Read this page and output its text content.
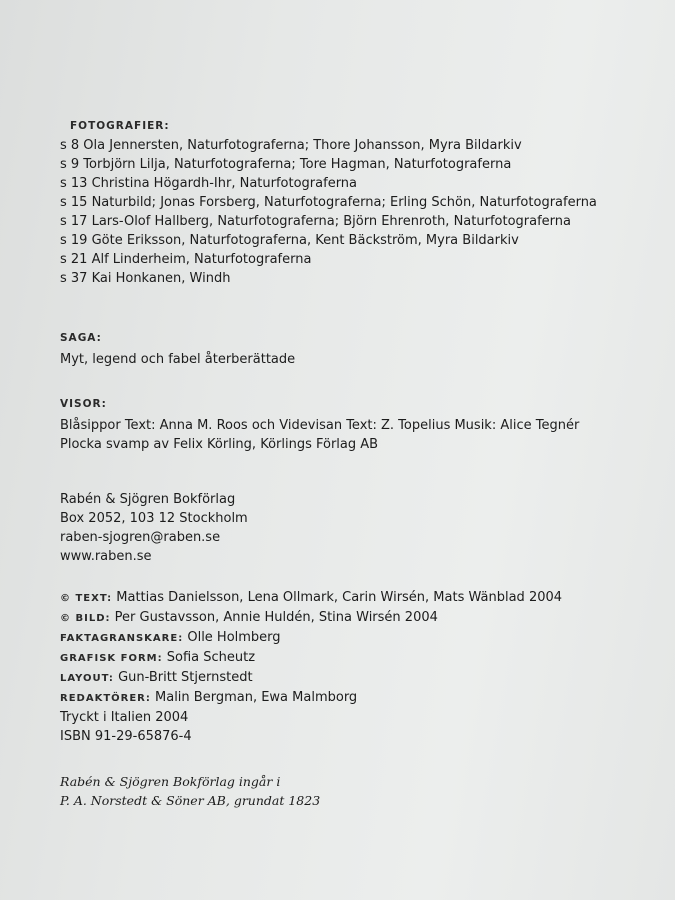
FOTOGRAFIER:
s 8 Ola Jennersten, Naturfotograferna; Thore Johansson, Myra Bildarkiv
s 9 Torbjörn Lilja, Naturfotograferna; Tore Hagman, Naturfotograferna
s 13 Christina Högardh-Ihr, Naturfotograferna
s 15 Naturbild; Jonas Forsberg, Naturfotograferna; Erling Schön, Naturfotograferna
s 17 Lars-Olof Hallberg, Naturfotograferna; Björn Ehrenroth, Naturfotograferna
s 19 Göte Eriksson, Naturfotograferna, Kent Bäckström, Myra Bildarkiv
s 21 Alf Linderheim, Naturfotograferna
s 37 Kai Honkanen, Windh
SAGA:
Myt, legend och fabel återberättade
VISOR:
Blåsippor Text: Anna M. Roos och Videvisan Text: Z. Topelius Musik: Alice Tegnér
Plocka svamp av Felix Körling, Körlings Förlag AB
Rabén & Sjögren Bokförlag
Box 2052, 103 12 Stockholm
raben-sjogren@raben.se
www.raben.se
© TEXT: Mattias Danielsson, Lena Ollmark, Carin Wirsén, Mats Wänblad 2004
© BILD: Per Gustavsson, Annie Huldén, Stina Wirsén 2004
FAKTAGRANSKARE: Olle Holmberg
GRAFISK FORM: Sofia Scheutz
LAYOUT: Gun-Britt Stjernstedt
REDAKTÖRER: Malin Bergman, Ewa Malmborg
Tryckt i Italien 2004
ISBN 91-29-65876-4
Rabén & Sjögren Bokförlag ingår i
P. A. Norstedt & Söner AB, grundat 1823
